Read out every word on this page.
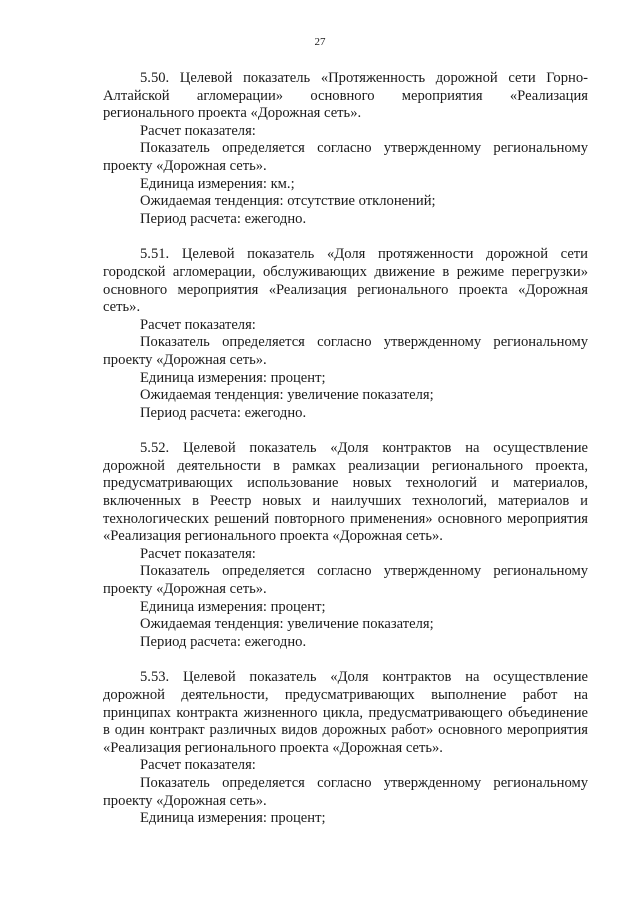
27
5.50. Целевой показатель «Протяженность дорожной сети Горно-Алтайской агломерации» основного мероприятия «Реализация регионального проекта «Дорожная сеть».
Расчет показателя:
Показатель определяется согласно утвержденному региональному проекту «Дорожная сеть».
Единица измерения: км.;
Ожидаемая тенденция: отсутствие отклонений;
Период расчета: ежегодно.
5.51. Целевой показатель «Доля протяженности дорожной сети городской агломерации, обслуживающих движение в режиме перегрузки» основного мероприятия «Реализация регионального проекта «Дорожная сеть».
Расчет показателя:
Показатель определяется согласно утвержденному региональному проекту «Дорожная сеть».
Единица измерения: процент;
Ожидаемая тенденция: увеличение показателя;
Период расчета: ежегодно.
5.52. Целевой показатель «Доля контрактов на осуществление дорожной деятельности в рамках реализации регионального проекта, предусматривающих использование новых технологий и материалов, включенных в Реестр новых и наилучших технологий, материалов и технологических решений повторного применения» основного мероприятия «Реализация регионального проекта «Дорожная сеть».
Расчет показателя:
Показатель определяется согласно утвержденному региональному проекту «Дорожная сеть».
Единица измерения: процент;
Ожидаемая тенденция: увеличение показателя;
Период расчета: ежегодно.
5.53. Целевой показатель «Доля контрактов на осуществление дорожной деятельности, предусматривающих выполнение работ на принципах контракта жизненного цикла, предусматривающего объединение в один контракт различных видов дорожных работ» основного мероприятия «Реализация регионального проекта «Дорожная сеть».
Расчет показателя:
Показатель определяется согласно утвержденному региональному проекту «Дорожная сеть».
Единица измерения: процент;
